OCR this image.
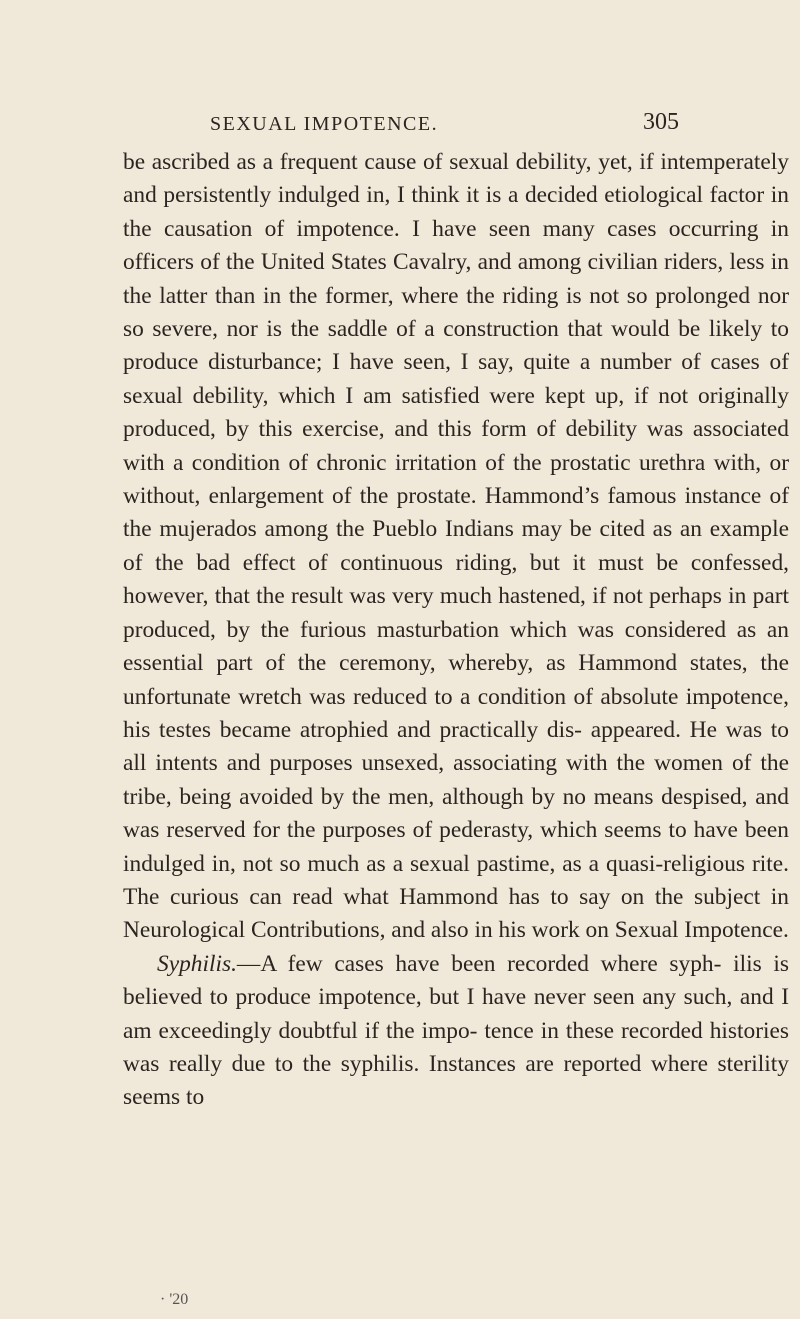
SEXUAL IMPOTENCE.	305

be ascribed as a frequent cause of sexual debility, yet, if intemperately and persistently indulged in, I think it is a decided etiological factor in the causation of impotence. I have seen many cases occurring in officers of the United States Cavalry, and among civilian riders, less in the latter than in the former, where the riding is not so prolonged nor so severe, nor is the saddle of a construction that would be likely to produce disturbance; I have seen, I say, quite a number of cases of sexual debility, which I am satisfied were kept up, if not originally produced, by this exercise, and this form of debility was associated with a condition of chronic irritation of the prostatic urethra with, or without, enlargement of the prostate. Hammond’s famous instance of the mujerados among the Pueblo Indians may be cited as an example of the bad effect of continuous riding, but it must be confessed, however, that the result was very much hastened, if not perhaps in part produced, by the furious masturbation which was considered as an essential part of the ceremony, whereby, as Hammond states, the unfortunate wretch was reduced to a condition of absolute impotence, his testes became atrophied and practically dis- appeared. He was to all intents and purposes unsexed, associating with the women of the tribe, being avoided by the men, although by no means despised, and was reserved for the purposes of pederasty, which seems to have been indulged in, not so much as a sexual pastime, as a quasi-religious rite. The curious can read what Hammond has to say on the subject in Neurological Contributions, and also in his work on Sexual Impotence.

Syphilis.—A few cases have been recorded where syph- ilis is believed to produce impotence, but I have never seen any such, and I am exceedingly doubtful if the impo- tence in these recorded histories was really due to the syphilis. Instances are reported where sterility seems to

· '20
